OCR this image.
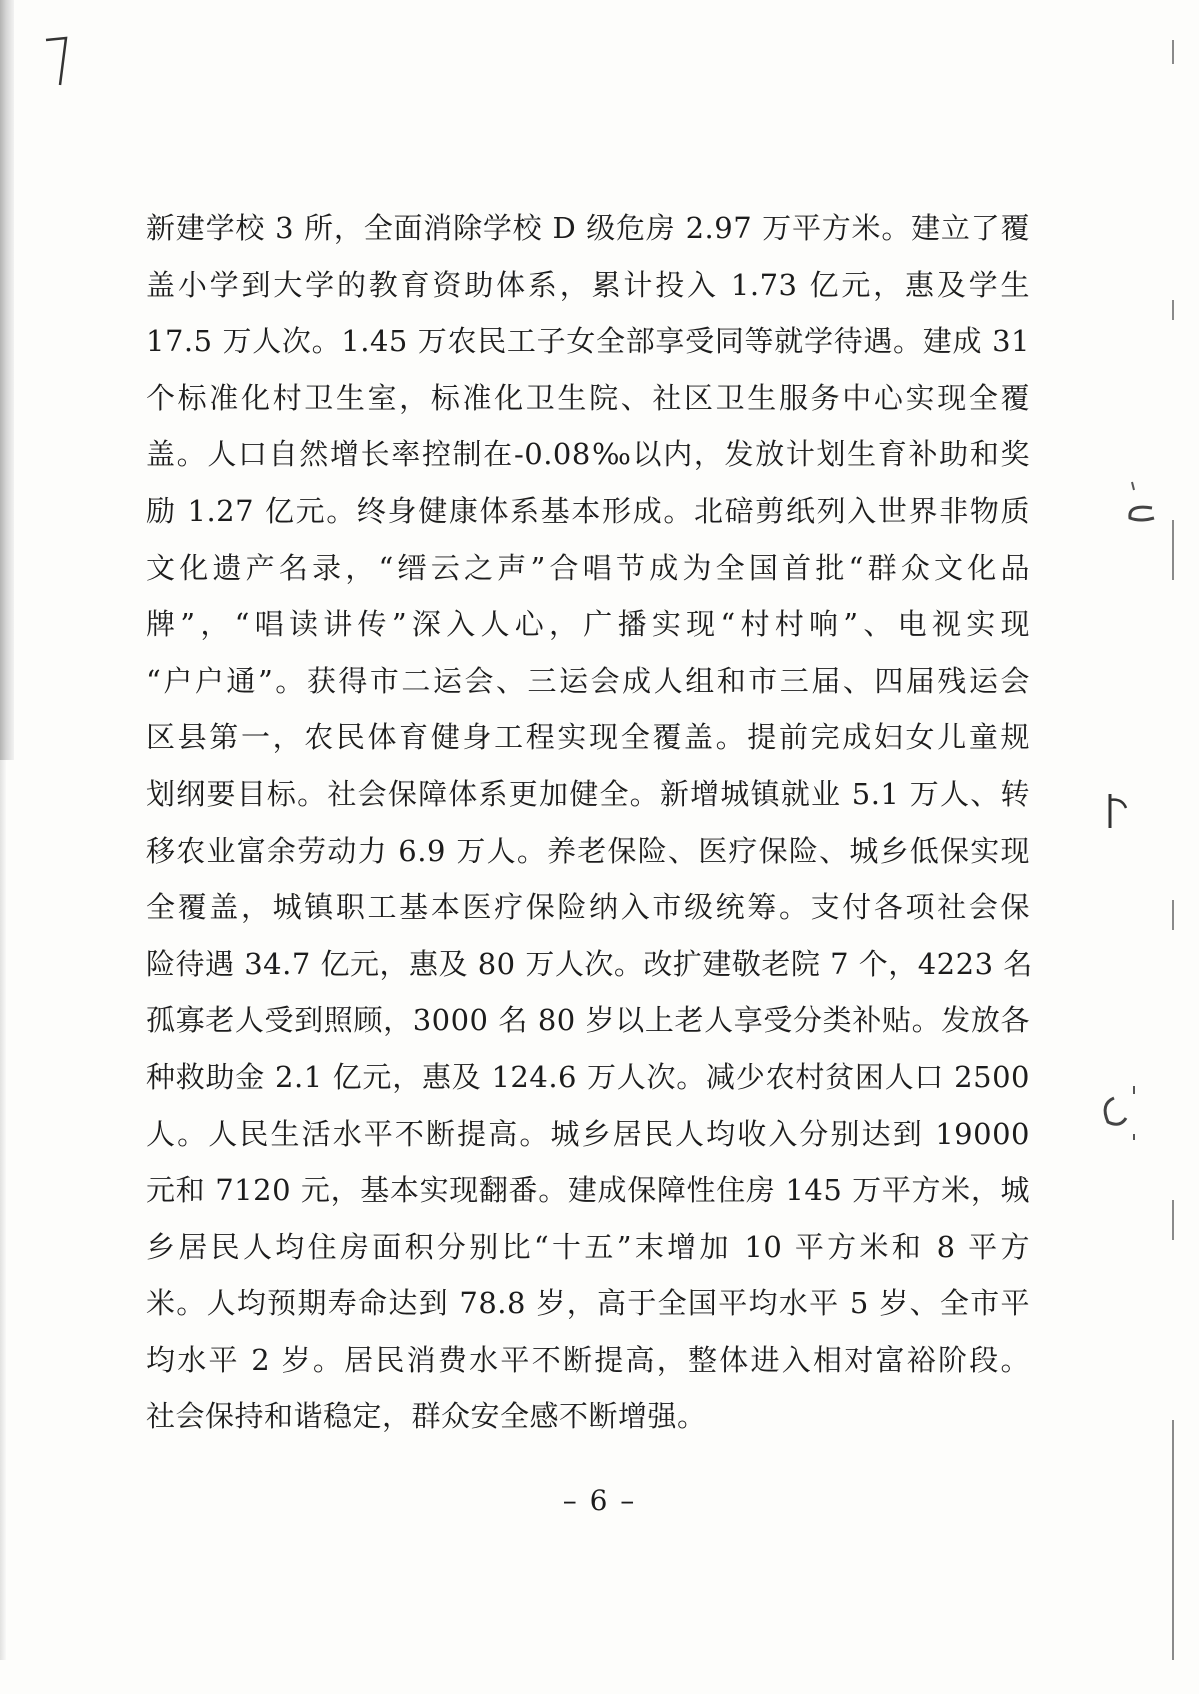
新建学校 3 所，全面消除学校 D 级危房 2.97 万平方米。建立了覆
盖小学到大学的教育资助体系，累计投入 1.73 亿元，惠及学生
17.5 万人次。1.45 万农民工子女全部享受同等就学待遇。建成 31
个标准化村卫生室，标准化卫生院、社区卫生服务中心实现全覆
盖。人口自然增长率控制在-0.08‰以内，发放计划生育补助和奖
励 1.27 亿元。终身健康体系基本形成。北碚剪纸列入世界非物质
文化遗产名录，“缙云之声”合唱节成为全国首批“群众文化品
牌”，“唱读讲传”深入人心，广播实现“村村响”、电视实现
“户户通”。获得市二运会、三运会成人组和市三届、四届残运会
区县第一，农民体育健身工程实现全覆盖。提前完成妇女儿童规
划纲要目标。社会保障体系更加健全。新增城镇就业 5.1 万人、转
移农业富余劳动力 6.9 万人。养老保险、医疗保险、城乡低保实现
全覆盖，城镇职工基本医疗保险纳入市级统筹。支付各项社会保
险待遇 34.7 亿元，惠及 80 万人次。改扩建敬老院 7 个，4223 名
孤寡老人受到照顾，3000 名 80 岁以上老人享受分类补贴。发放各
种救助金 2.1 亿元，惠及 124.6 万人次。减少农村贫困人口 2500
人。人民生活水平不断提高。城乡居民人均收入分别达到 19000
元和 7120 元，基本实现翻番。建成保障性住房 145 万平方米，城
乡居民人均住房面积分别比“十五”末增加 10 平方米和 8 平方
米。人均预期寿命达到 78.8 岁，高于全国平均水平 5 岁、全市平
均水平 2 岁。居民消费水平不断提高，整体进入相对富裕阶段。
社会保持和谐稳定，群众安全感不断增强。
– 6 –
